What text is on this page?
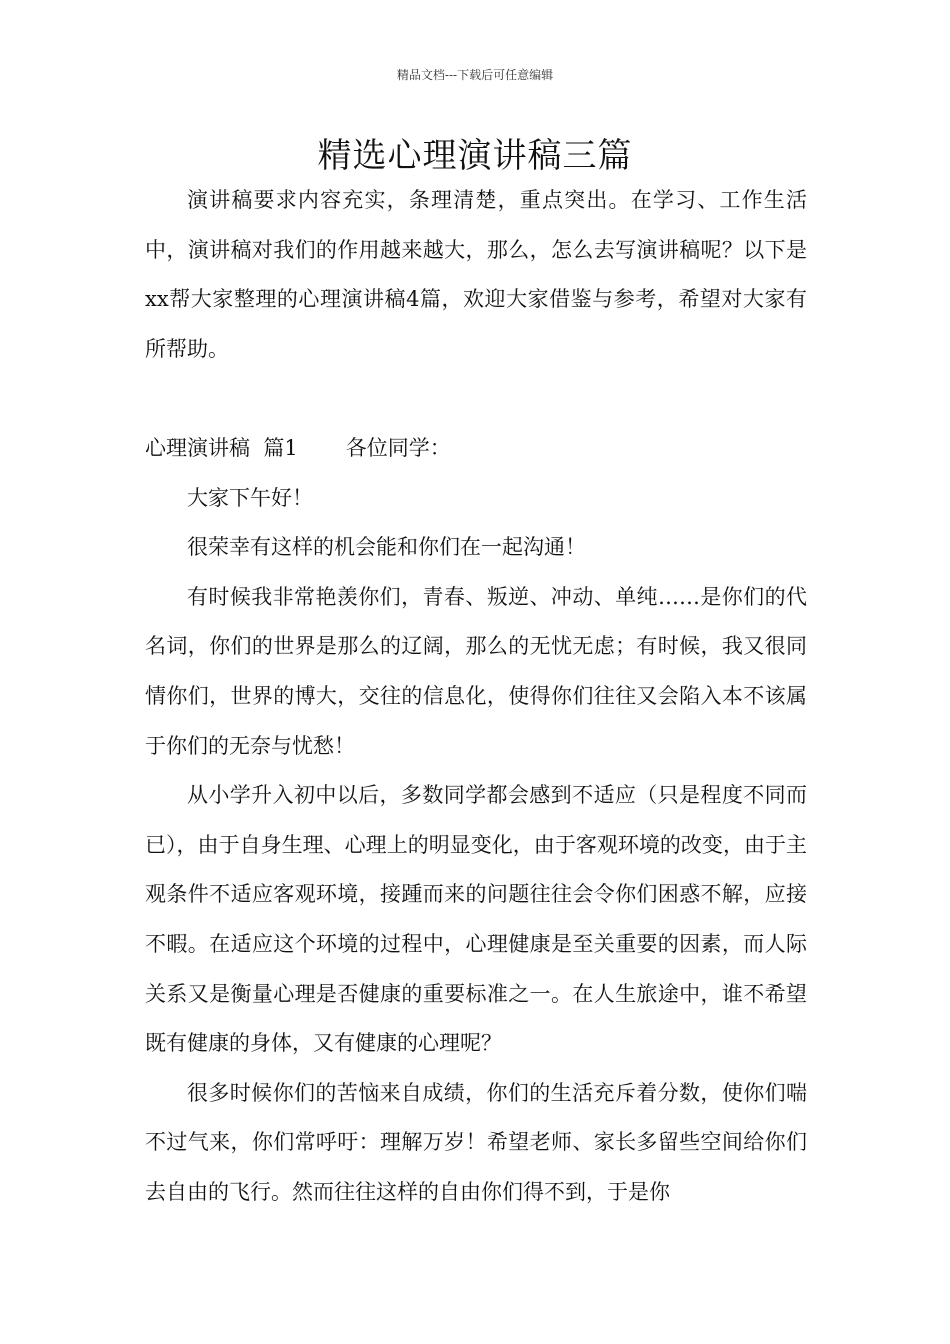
精品文档---下载后可任意编辑
精选心理演讲稿三篇

演讲稿要求内容充实，条理清楚，重点突出。在学习、工作生活中，演讲稿对我们的作用越来越大，那么，怎么去写演讲稿呢？以下是xx帮大家整理的心理演讲稿4篇，欢迎大家借鉴与参考，希望对大家有所帮助。

心理演讲稿  篇1 各位同学：

大家下午好！

很荣幸有这样的机会能和你们在一起沟通！

有时候我非常艳羡你们，青春、叛逆、冲动、单纯……是你们的代名词，你们的世界是那么的辽阔，那么的无忧无虑；有时候，我又很同情你们，世界的博大，交往的信息化，使得你们往往又会陷入本不该属于你们的无奈与忧愁！

从小学升入初中以后，多数同学都会感到不适应（只是程度不同而已），由于自身生理、心理上的明显变化，由于客观环境的改变，由于主观条件不适应客观环境，接踵而来的问题往往会令你们困惑不解，应接不暇。在适应这个环境的过程中，心理健康是至关重要的因素，而人际关系又是衡量心理是否健康的重要标准之一。在人生旅途中，谁不希望既有健康的身体，又有健康的心理呢？

很多时候你们的苦恼来自成绩，你们的生活充斥着分数，使你们喘不过气来，你们常呼吁：理解万岁！希望老师、家长多留些空间给你们去自由的飞行。然而往往这样的自由你们得不到，于是你
